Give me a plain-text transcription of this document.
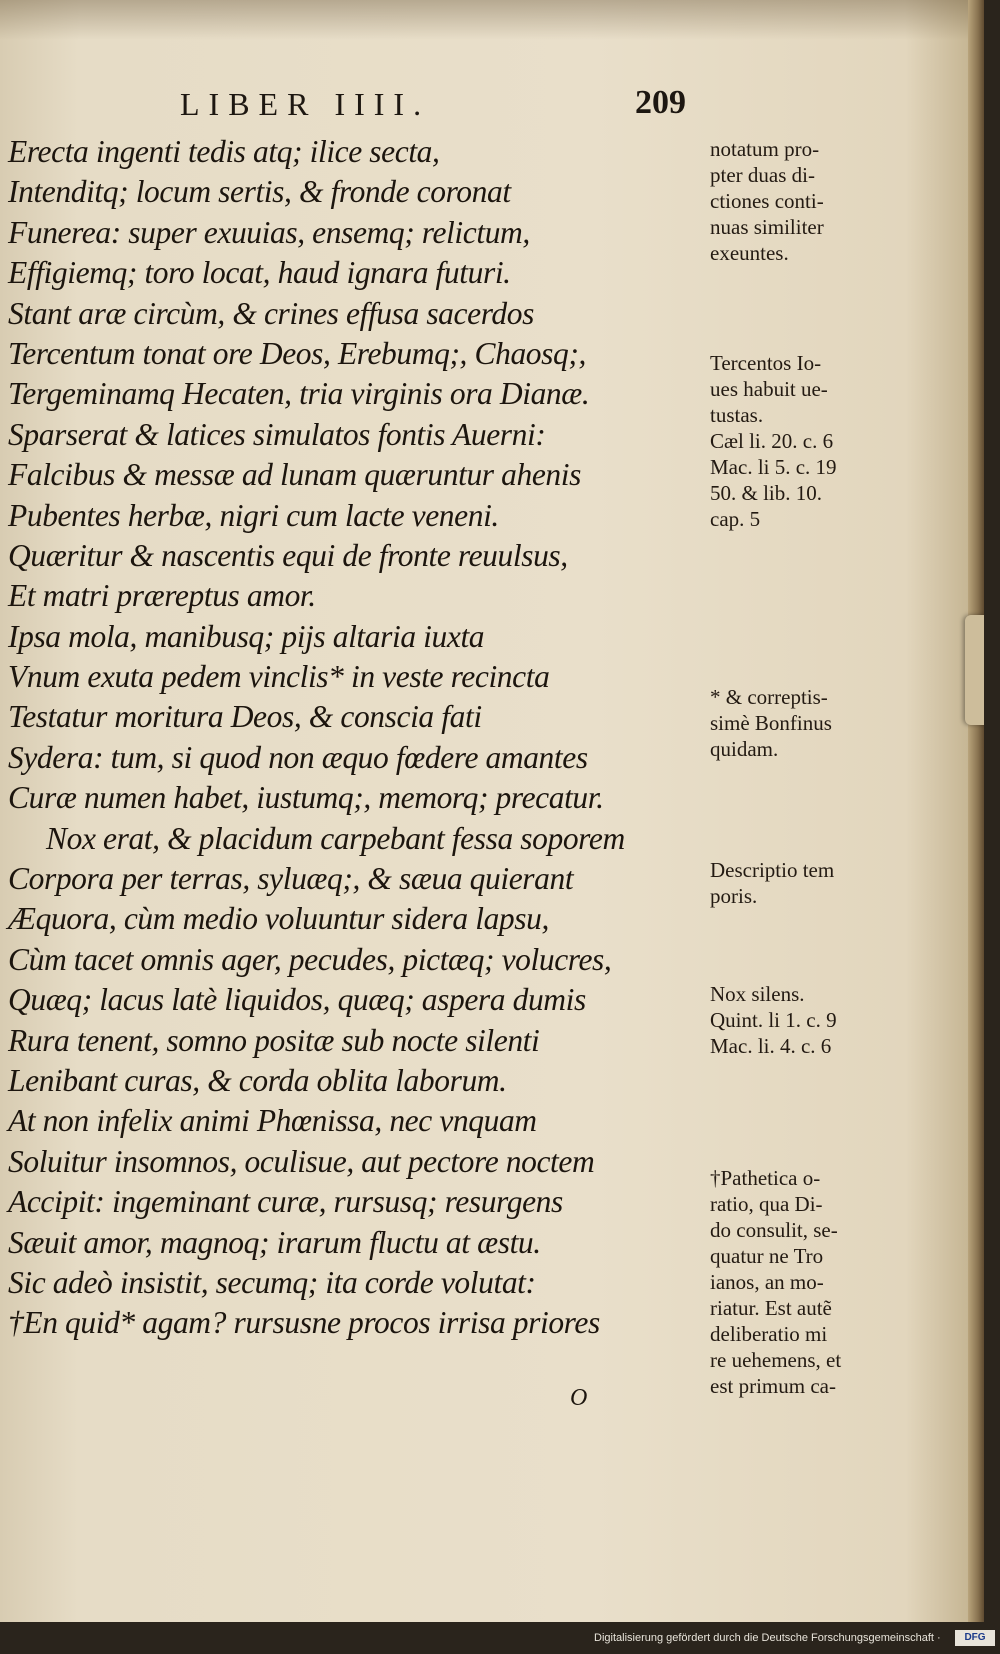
LIBER IIII.	209
Erecta ingenti tedis atq; ilice secta,
Intenditq; locum sertis, & fronde coronat
Funerea: super exuuias, ensemq; relictum,
Effigiemq; toro locat, haud ignara futuri.
Stant aræ circùm, & crines effusa sacerdos
Tercentum tonat ore Deos, Erebumq;, Chaosq;,
Tergeminamq Hecaten, tria virginis ora Dianæ.
Sparserat & latices simulatos fontis Auerni:
Falcibus & messæ ad lunam quæruntur ahenis
Pubentes herbæ, nigri cum lacte veneni.
Quæritur & nascentis equi de fronte reuulsus,
Et matri præreptus amor.
Ipsa mola, manibusq; pijs altaria iuxta
Vnum exuta pedem vinclis* in veste recincta
Testatur moritura Deos, & conscia fati
Sydera: tum, si quod non æquo fœdere amantes
Curæ numen habet, iustumq;, memorq; precatur.
Nox erat, & placidum carpebant fessa soporem
Corpora per terras, syluæq;, & sæua quierant
Æquora, cùm medio voluuntur sidera lapsu,
Cùm tacet omnis ager, pecudes, pictæq; volucres,
Quæq; lacus latè liquidos, quæq; aspera dumis
Rura tenent, somno positæ sub nocte silenti
Lenibant curas, & corda oblita laborum.
At non infelix animi Phœnissa, nec vnquam
Soluitur insomnos, oculisue, aut pectore noctem
Accipit: ingeminant curæ, rursusq; resurgens
Sæuit amor, magnoq; irarum fluctu at æstu.
Sic adeò insistit, secumq; ita corde volutat:
†En quid* agam? rursusne procos irrisa priores
O
notatum pro-
pter duas di-
ctiones conti-
nuas similiter
exeuntes.
Tercentos Io-
ues habuit ue-
tustas.
Cæl li. 20. c. 6
Mac. li 5. c. 19
50. & lib. 10.
cap. 5
* & correptis-
simè Bonfinus
quidam.
Descriptio tem
poris.
Nox silens.
Quint. li 1. c. 9
Mac. li. 4. c. 6
†Pathetica o-
ratio, qua Di-
do consulit, se-
quatur ne Tro
ianos, an mo-
riatur. Est autẽ
deliberatio mi
re uehemens, et
est primum ca-
Digitalisierung gefördert durch die Deutsche Forschungsgemeinschaft ·	DFG
